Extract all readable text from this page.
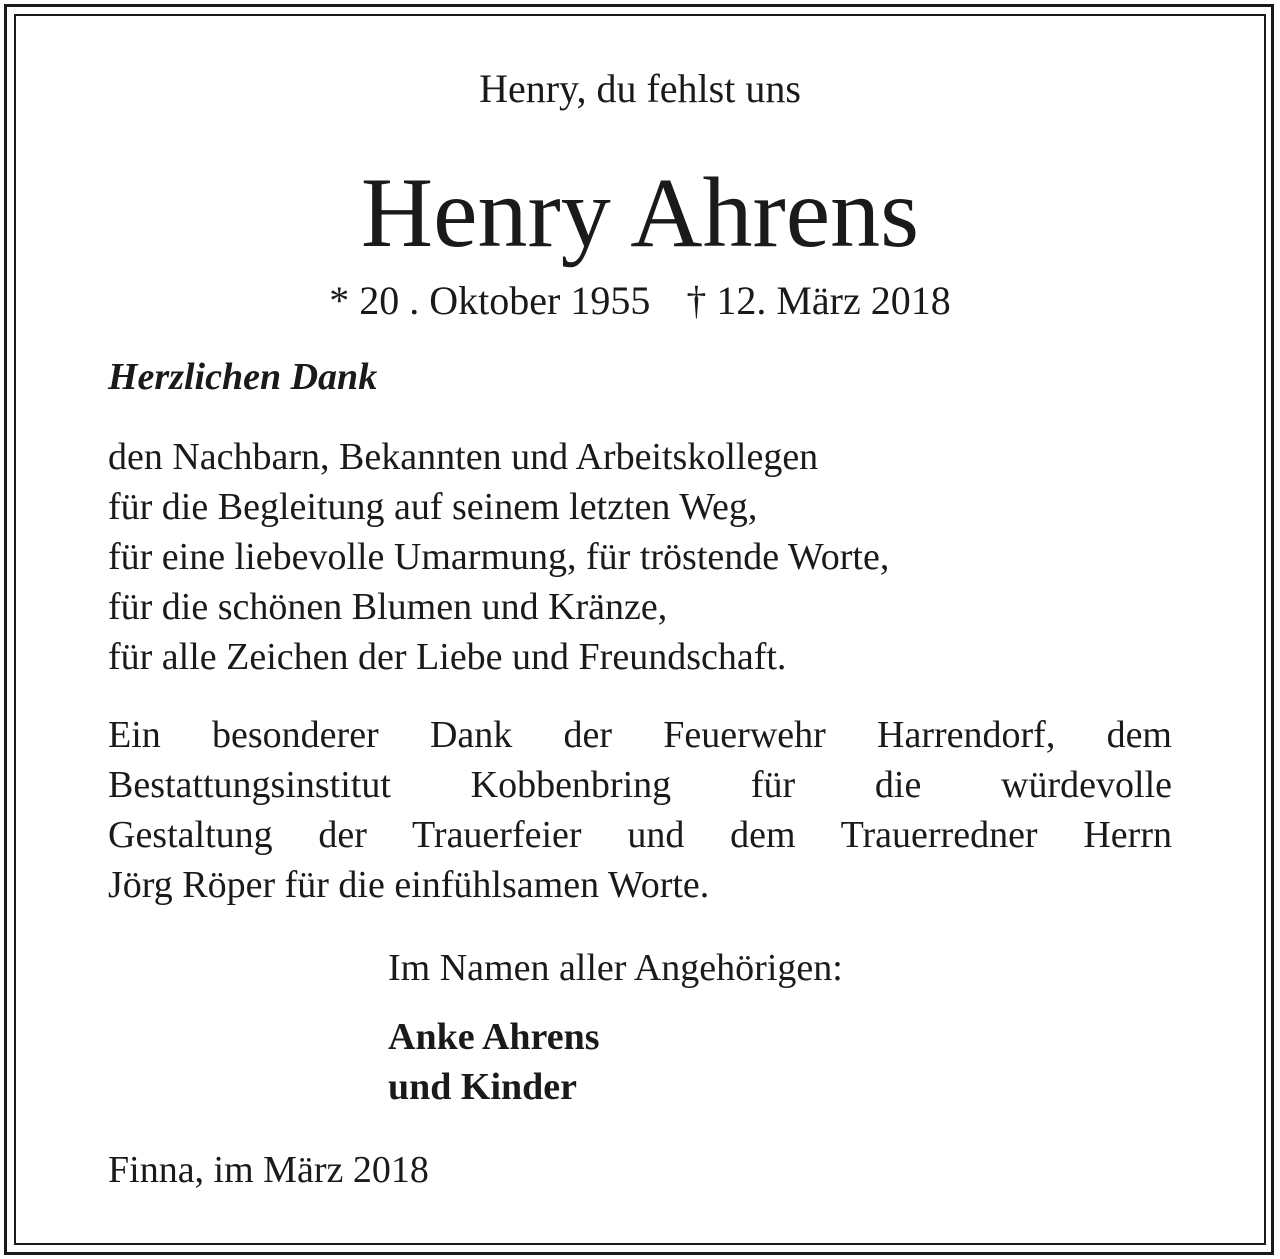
Henry, du fehlst uns
Henry Ahrens
* 20 . Oktober 1955 † 12. März 2018
Herzlichen Dank
den Nachbarn, Bekannten und Arbeitskollegen
für die Begleitung auf seinem letzten Weg,
für eine liebevolle Umarmung, für tröstende Worte,
für die schönen Blumen und Kränze,
für alle Zeichen der Liebe und Freundschaft.
Ein besonderer Dank der Feuerwehr Harrendorf, dem
Bestattungsinstitut Kobbenbring für die würdevolle
Gestaltung der Trauerfeier und dem Trauerredner Herrn
Jörg Röper für die einfühlsamen Worte.
Im Namen aller Angehörigen:
Anke Ahrens
und Kinder
Finna, im März 2018
